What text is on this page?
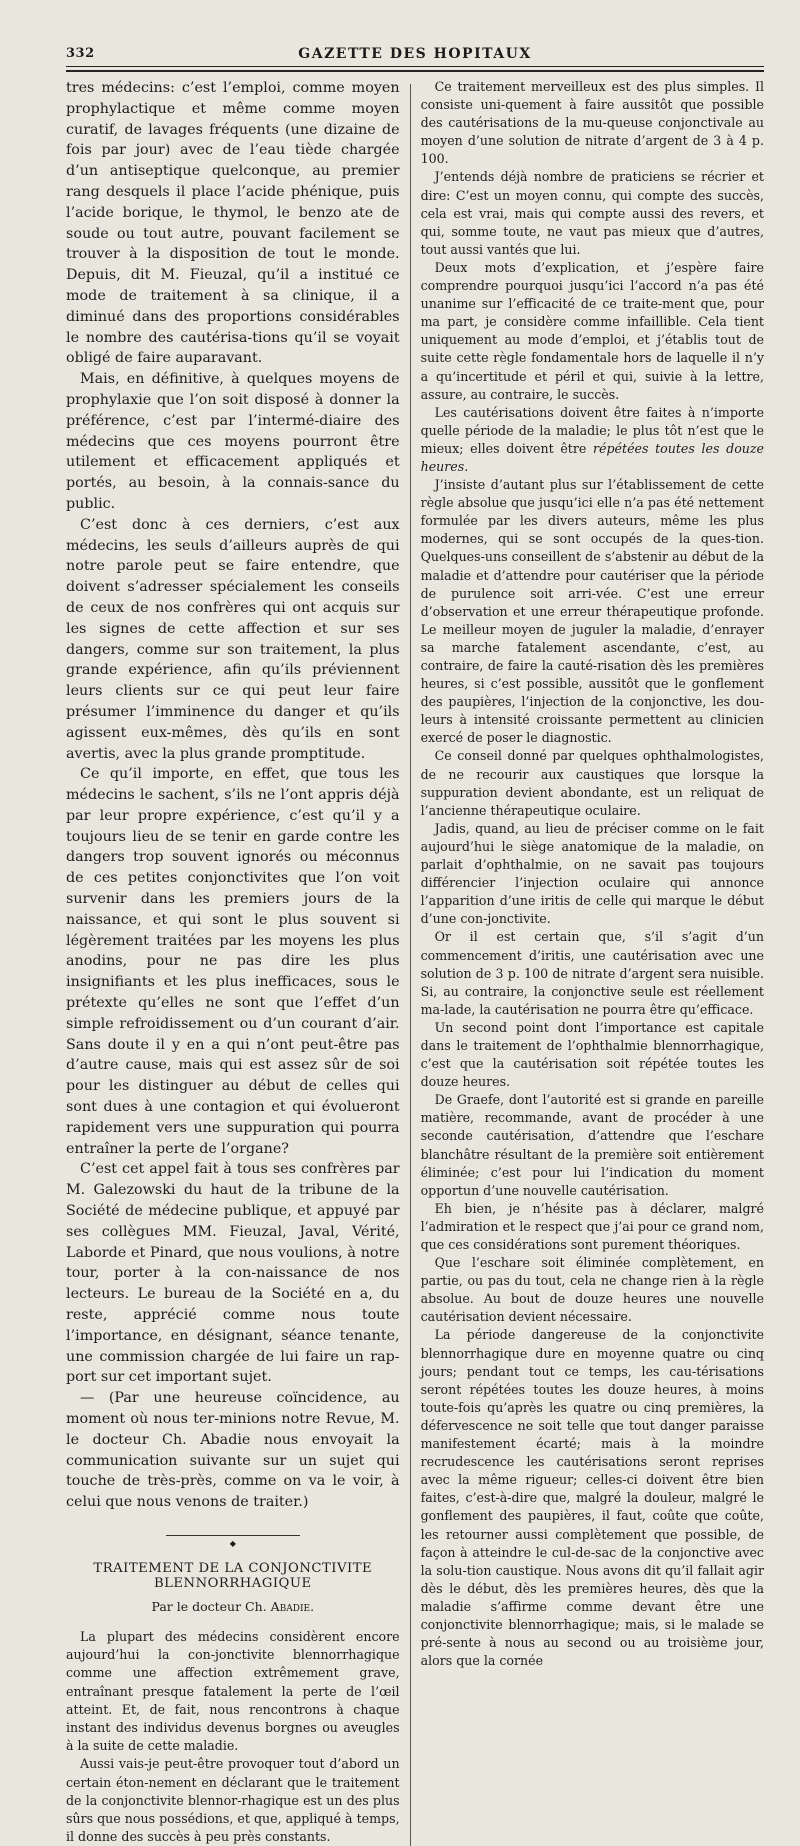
332	GAZETTE DES HOPITAUX

tres médecins: c’est l’emploi, comme moyen prophylactique et même comme moyen curatif, de lavages fréquents (une dizaine de fois par jour) avec de l’eau tiède chargée d’un antiseptique quelconque, au premier rang desquels il place l’acide phénique, puis l’acide borique, le thymol, le benzo ate de soude ou tout autre, pouvant facilement se trouver à la disposition de tout le monde. Depuis, dit M. Fieuzal, qu’il a institué ce mode de traitement à sa clinique, il a diminué dans des proportions considérables le nombre des cautérisa-tions qu’il se voyait obligé de faire auparavant.

Mais, en définitive, à quelques moyens de prophylaxie que l’on soit disposé à donner la préférence, c’est par l’intermé-diaire des médecins que ces moyens pourront être utilement et efficacement appliqués et portés, au besoin, à la connais-sance du public.

C’est donc à ces derniers, c’est aux médecins, les seuls d’ailleurs auprès de qui notre parole peut se faire entendre, que doivent s’adresser spécialement les conseils de ceux de nos confrères qui ont acquis sur les signes de cette affection et sur ses dangers, comme sur son traitement, la plus grande expérience, afin qu’ils préviennent leurs clients sur ce qui peut leur faire présumer l’imminence du danger et qu’ils agissent eux-mêmes, dès qu’ils en sont avertis, avec la plus grande promptitude.

Ce qu’il importe, en effet, que tous les médecins le sachent, s’ils ne l’ont appris déjà par leur propre expérience, c’est qu’il y a toujours lieu de se tenir en garde contre les dangers trop souvent ignorés ou méconnus de ces petites conjonctivites que l’on voit survenir dans les premiers jours de la naissance, et qui sont le plus souvent si légèrement traitées par les moyens les plus anodins, pour ne pas dire les plus insignifiants et les plus inefficaces, sous le prétexte qu’elles ne sont que l’effet d’un simple refroidissement ou d’un courant d’air. Sans doute il y en a qui n’ont peut-être pas d’autre cause, mais qui est assez sûr de soi pour les distinguer au début de celles qui sont dues à une contagion et qui évolueront rapidement vers une suppuration qui pourra entraîner la perte de l’organe?

C’est cet appel fait à tous ses confrères par M. Galezowski du haut de la tribune de la Société de médecine publique, et appuyé par ses collègues MM. Fieuzal, Javal, Vérité, Laborde et Pinard, que nous voulions, à notre tour, porter à la con-naissance de nos lecteurs. Le bureau de la Société en a, du reste, apprécié comme nous toute l’importance, en désignant, séance tenante, une commission chargée de lui faire un rap-port sur cet important sujet.

— (Par une heureuse coïncidence, au moment où nous ter-minions notre Revue, M. le docteur Ch. Abadie nous envoyait la communication suivante sur un sujet qui touche de très-près, comme on va le voir, à celui que nous venons de traiter.)

◆
TRAITEMENT DE LA CONJONCTIVITE BLENNORRHAGIQUE
Par le docteur Ch. Abadie.

La plupart des médecins considèrent encore aujourd’hui la con-jonctivite blennorrhagique comme une affection extrêmement grave, entraînant presque fatalement la perte de l’œil atteint. Et, de fait, nous rencontrons à chaque instant des individus devenus borgnes ou aveugles à la suite de cette maladie.

Aussi vais-je peut-être provoquer tout d’abord un certain éton-nement en déclarant que le traitement de la conjonctivite blennor-rhagique est un des plus sûrs que nous possédions, et que, appliqué à temps, il donne des succès à peu près constants.

Ce traitement merveilleux est des plus simples. Il consiste uni-quement à faire aussitôt que possible des cautérisations de la mu-queuse conjonctivale au moyen d’une solution de nitrate d’argent de 3 à 4 p. 100.

J’entends déjà nombre de praticiens se récrier et dire: C’est un moyen connu, qui compte des succès, cela est vrai, mais qui compte aussi des revers, et qui, somme toute, ne vaut pas mieux que d’autres, tout aussi vantés que lui.

Deux mots d’explication, et j’espère faire comprendre pourquoi jusqu’ici l’accord n’a pas été unanime sur l’efficacité de ce traite-ment que, pour ma part, je considère comme infaillible. Cela tient uniquement au mode d’emploi, et j’établis tout de suite cette règle fondamentale hors de laquelle il n’y a qu’incertitude et péril et qui, suivie à la lettre, assure, au contraire, le succès.

Les cautérisations doivent être faites à n’importe quelle période de la maladie; le plus tôt n’est que le mieux; elles doivent être répétées toutes les douze heures.

J’insiste d’autant plus sur l’établissement de cette règle absolue que jusqu’ici elle n’a pas été nettement formulée par les divers auteurs, même les plus modernes, qui se sont occupés de la ques-tion. Quelques-uns conseillent de s’abstenir au début de la maladie et d’attendre pour cautériser que la période de purulence soit arri-vée. C’est une erreur d’observation et une erreur thérapeutique profonde. Le meilleur moyen de juguler la maladie, d’enrayer sa marche fatalement ascendante, c’est, au contraire, de faire la cauté-risation dès les premières heures, si c’est possible, aussitôt que le gonflement des paupières, l’injection de la conjonctive, les dou-leurs à intensité croissante permettent au clinicien exercé de poser le diagnostic.

Ce conseil donné par quelques ophthalmologistes, de ne recourir aux caustiques que lorsque la suppuration devient abondante, est un reliquat de l’ancienne thérapeutique oculaire.

Jadis, quand, au lieu de préciser comme on le fait aujourd’hui le siège anatomique de la maladie, on parlait d’ophthalmie, on ne savait pas toujours différencier l’injection oculaire qui annonce l’apparition d’une iritis de celle qui marque le début d’une con-jonctivite.

Or il est certain que, s’il s’agit d’un commencement d’iritis, une cautérisation avec une solution de 3 p. 100 de nitrate d’argent sera nuisible. Si, au contraire, la conjonctive seule est réellement ma-lade, la cautérisation ne pourra être qu’efficace.

Un second point dont l’importance est capitale dans le traitement de l’ophthalmie blennorrhagique, c’est que la cautérisation soit répétée toutes les douze heures.

De Graefe, dont l’autorité est si grande en pareille matière, recommande, avant de procéder à une seconde cautérisation, d’attendre que l’eschare blanchâtre résultant de la première soit entièrement éliminée; c’est pour lui l’indication du moment opportun d’une nouvelle cautérisation.

Eh bien, je n’hésite pas à déclarer, malgré l’admiration et le respect que j’ai pour ce grand nom, que ces considérations sont purement théoriques.

Que l’eschare soit éliminée complètement, en partie, ou pas du tout, cela ne change rien à la règle absolue. Au bout de douze heures une nouvelle cautérisation devient nécessaire.

La période dangereuse de la conjonctivite blennorrhagique dure en moyenne quatre ou cinq jours; pendant tout ce temps, les cau-térisations seront répétées toutes les douze heures, à moins toute-fois qu’après les quatre ou cinq premières, la défervescence ne soit telle que tout danger paraisse manifestement écarté; mais à la moindre recrudescence les cautérisations seront reprises avec la même rigueur; celles-ci doivent être bien faites, c’est-à-dire que, malgré la douleur, malgré le gonflement des paupières, il faut, coûte que coûte, les retourner aussi complètement que possible, de façon à atteindre le cul-de-sac de la conjonctive avec la solu-tion caustique. Nous avons dit qu’il fallait agir dès le début, dès les premières heures, dès que la maladie s’affirme comme devant être une conjonctivite blennorrhagique; mais, si le malade se pré-sente à nous au second ou au troisième jour, alors que la cornée
